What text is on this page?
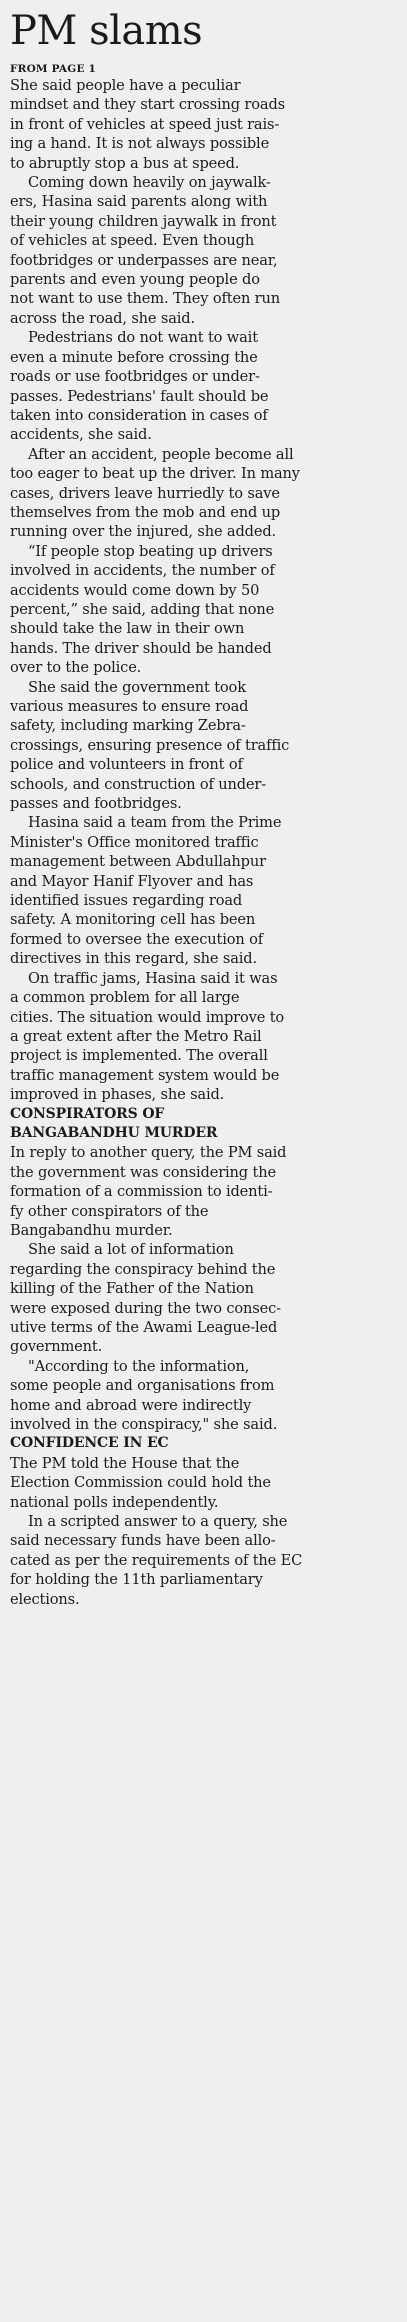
PM slams
FROM PAGE 1

She said people have a peculiar
mindset and they start crossing roads
in front of vehicles at speed just rais-
ing a hand. It is not always possible
to abruptly stop a bus at speed.

Coming down heavily on jaywalk-
ers, Hasina said parents along with
their young children jaywalk in front
of vehicles at speed. Even though
footbridges or underpasses are near,
parents and even young people do
not want to use them. They often run
across the road, she said.

Pedestrians do not want to wait
even a minute before crossing the
roads or use footbridges or under-
passes. Pedestrians' fault should be
taken into consideration in cases of
accidents, she said.

After an accident, people become all
too eager to beat up the driver. In many
cases, drivers leave hurriedly to save
themselves from the mob and end up
running over the injured, she added.

“If people stop beating up drivers
involved in accidents, the number of
accidents would come down by 50
percent,” she said, adding that none
should take the law in their own
hands. The driver should be handed
over to the police.

She said the government took
various measures to ensure road
safety, including marking Zebra-
crossings, ensuring presence of traffic
police and volunteers in front of
schools, and construction of under-
passes and footbridges.

Hasina said a team from the Prime
Minister's Office monitored traffic
management between Abdullahpur
and Mayor Hanif Flyover and has
identified issues regarding road
safety. A monitoring cell has been
formed to oversee the execution of
directives in this regard, she said.

On traffic jams, Hasina said it was
a common problem for all large
cities. The situation would improve to
a great extent after the Metro Rail
project is implemented. The overall
traffic management system would be
improved in phases, she said.

CONSPIRATORS OF
BANGABANDHU MURDER

In reply to another query, the PM said
the government was considering the
formation of a commission to identi-
fy other conspirators of the
Bangabandhu murder.

She said a lot of information
regarding the conspiracy behind the
killing of the Father of the Nation
were exposed during the two consec-
utive terms of the Awami League-led
government.

"According to the information,
some people and organisations from
home and abroad were indirectly
involved in the conspiracy," she said.

CONFIDENCE IN EC

The PM told the House that the
Election Commission could hold the
national polls independently.

In a scripted answer to a query, she
said necessary funds have been allo-
cated as per the requirements of the EC
for holding the 11th parliamentary
elections.
